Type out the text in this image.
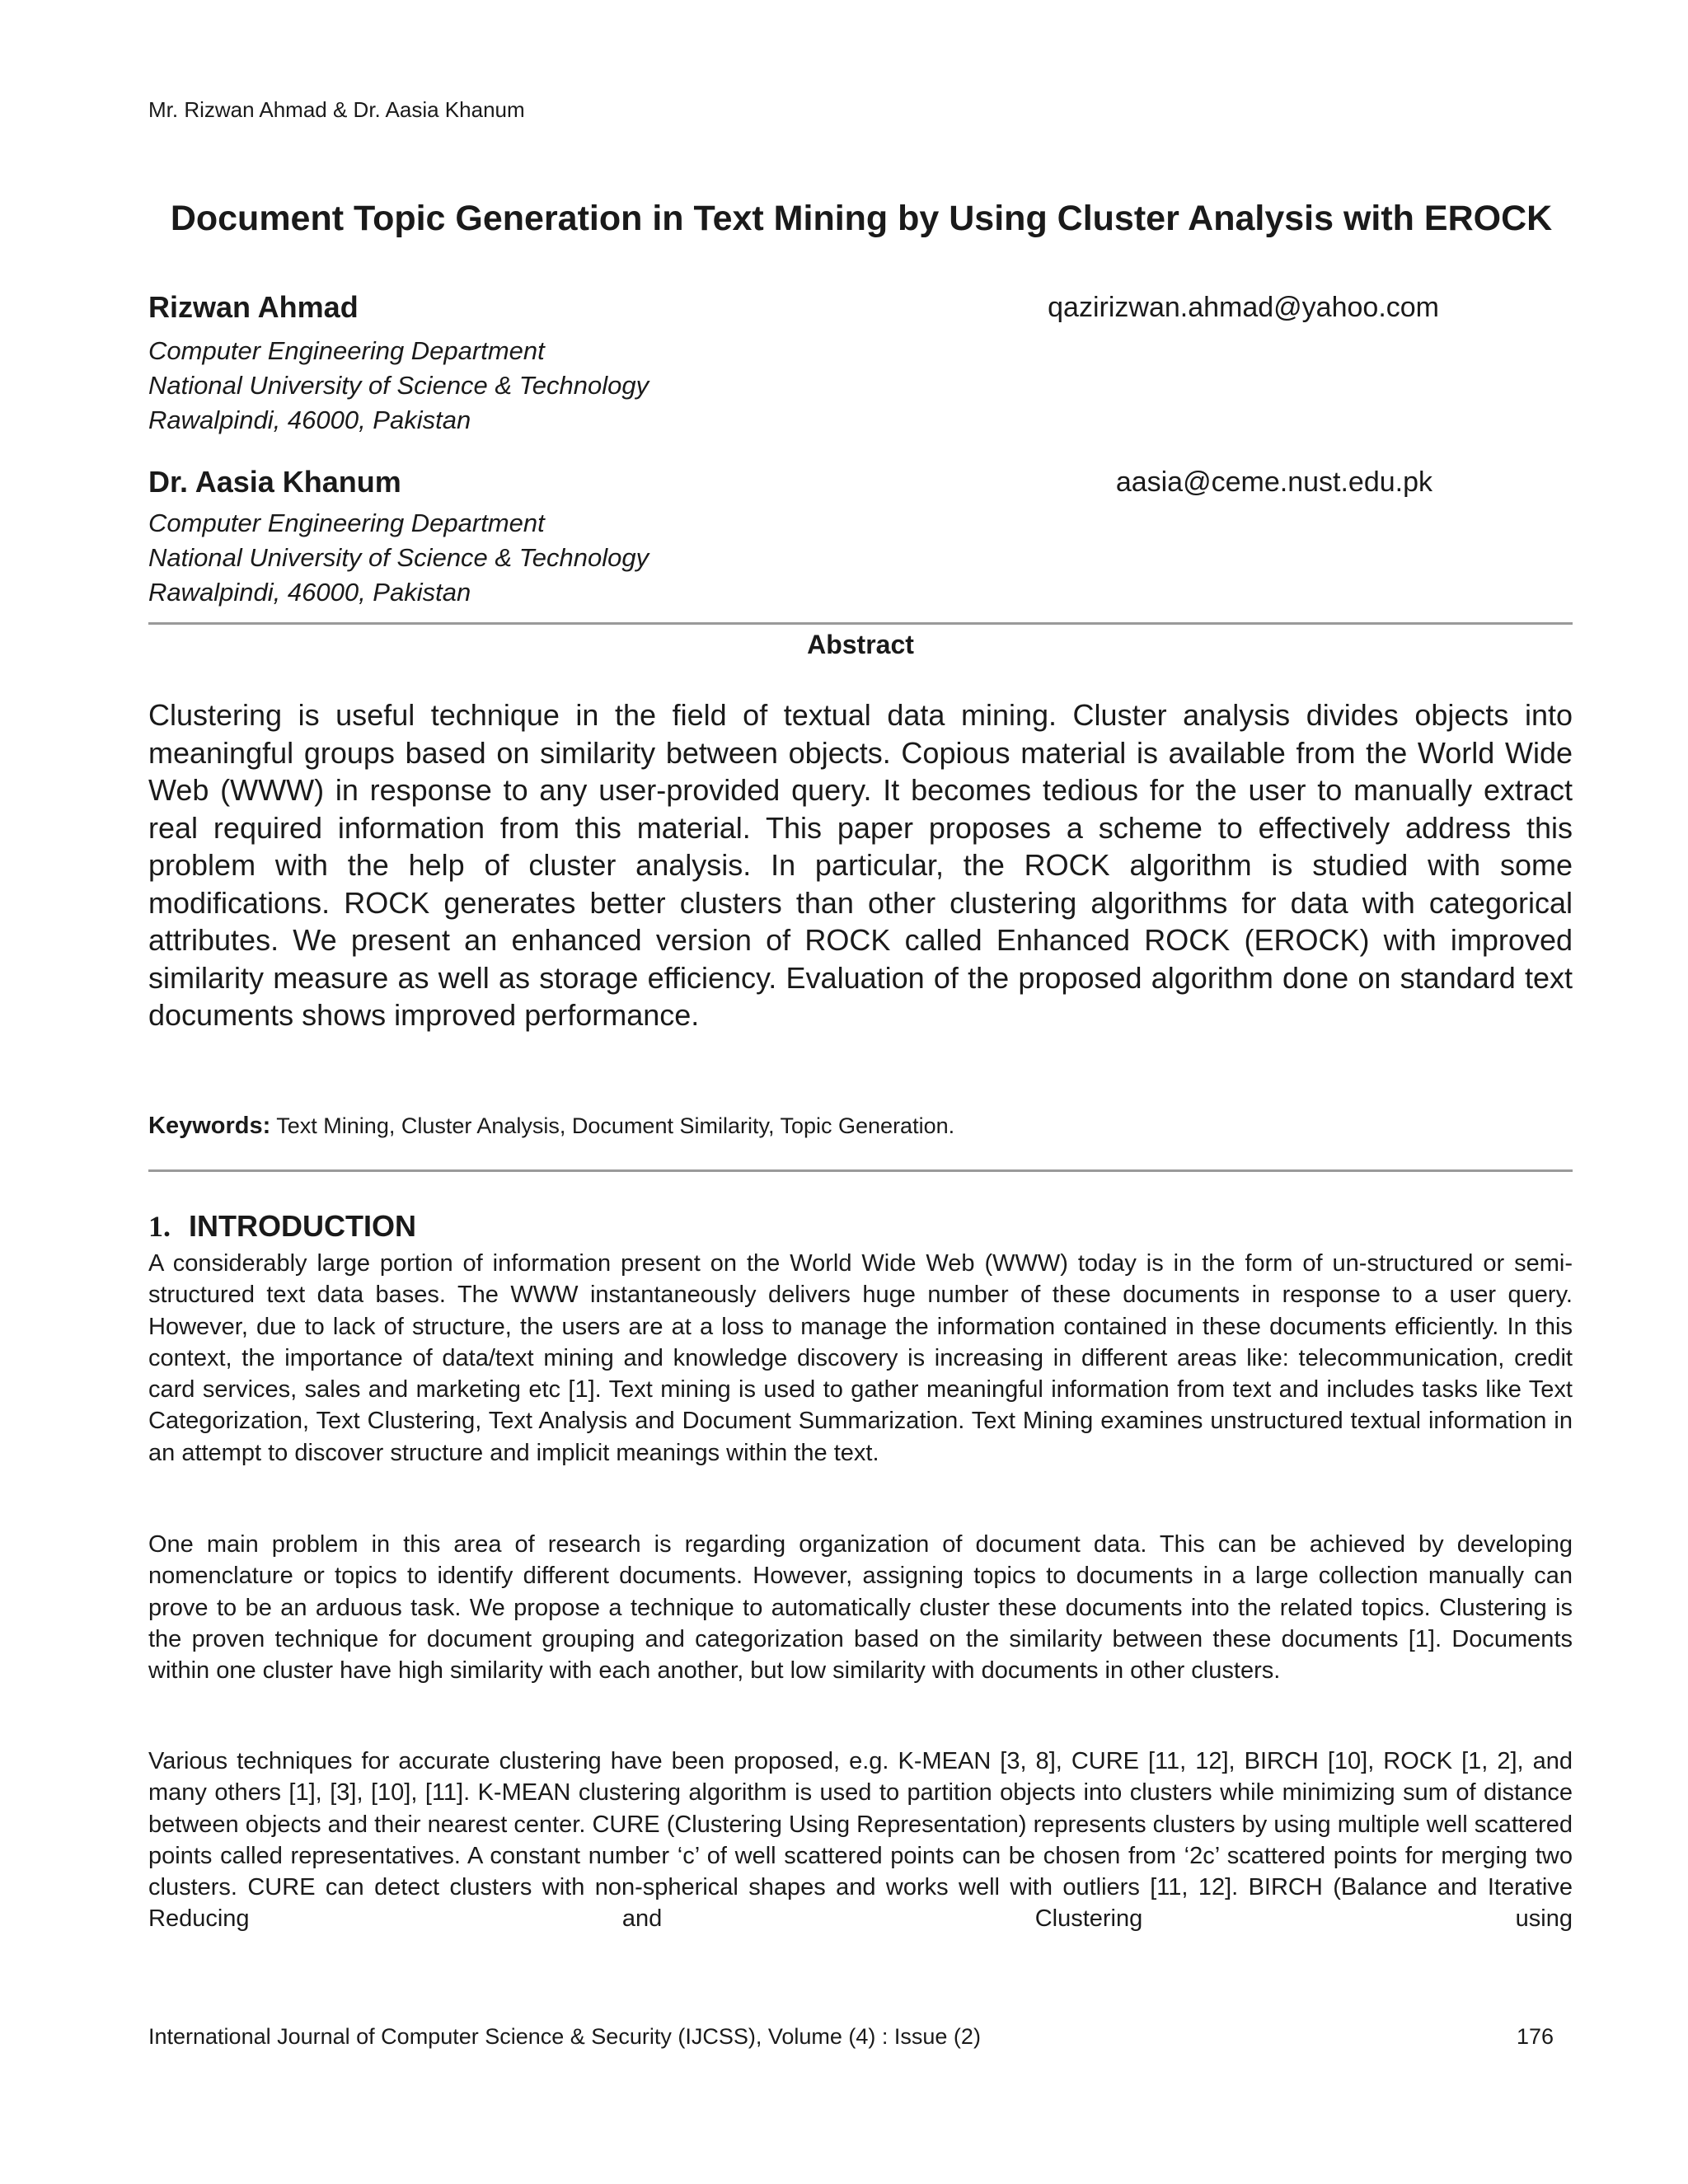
Mr. Rizwan Ahmad & Dr. Aasia Khanum
Document Topic Generation in Text Mining by Using Cluster Analysis with EROCK
Rizwan Ahmad	qazirizwan.ahmad@yahoo.com
Computer Engineering Department
National University of Science & Technology
Rawalpindi, 46000, Pakistan
Dr. Aasia Khanum	aasia@ceme.nust.edu.pk
Computer Engineering Department
National University of Science & Technology
Rawalpindi, 46000, Pakistan
Abstract
Clustering is useful technique in the field of textual data mining. Cluster analysis divides objects into meaningful groups based on similarity between objects. Copious material is available from the World Wide Web (WWW) in response to any user-provided query. It becomes tedious for the user to manually extract real required information from this material. This paper proposes a scheme to effectively address this problem with the help of cluster analysis. In particular, the ROCK algorithm is studied with some modifications. ROCK generates better clusters than other clustering algorithms for data with categorical attributes. We present an enhanced version of ROCK called Enhanced ROCK (EROCK) with improved similarity measure as well as storage efficiency. Evaluation of the proposed algorithm done on standard text documents shows improved performance.
Keywords: Text Mining, Cluster Analysis, Document Similarity, Topic Generation.
1. INTRODUCTION
A considerably large portion of information present on the World Wide Web (WWW) today is in the form of un-structured or semi-structured text data bases. The WWW instantaneously delivers huge number of these documents in response to a user query. However, due to lack of structure, the users are at a loss to manage the information contained in these documents efficiently. In this context, the importance of data/text mining and knowledge discovery is increasing in different areas like: telecommunication, credit card services, sales and marketing etc [1]. Text mining is used to gather meaningful information from text and includes tasks like Text Categorization, Text Clustering, Text Analysis and Document Summarization. Text Mining examines unstructured textual information in an attempt to discover structure and implicit meanings within the text.
One main problem in this area of research is regarding organization of document data. This can be achieved by developing nomenclature or topics to identify different documents. However, assigning topics to documents in a large collection manually can prove to be an arduous task. We propose a technique to automatically cluster these documents into the related topics. Clustering is the proven technique for document grouping and categorization based on the similarity between these documents [1]. Documents within one cluster have high similarity with each another, but low similarity with documents in other clusters.
Various techniques for accurate clustering have been proposed, e.g. K-MEAN [3, 8], CURE [11, 12], BIRCH [10], ROCK [1, 2], and many others [1], [3], [10], [11]. K-MEAN clustering algorithm is used to partition objects into clusters while minimizing sum of distance between objects and their nearest center. CURE (Clustering Using Representation) represents clusters by using multiple well scattered points called representatives. A constant number ‘c’ of well scattered points can be chosen from ‘2c’ scattered points for merging two clusters. CURE can detect clusters with non-spherical shapes and works well with outliers [11, 12]. BIRCH (Balance and Iterative Reducing and Clustering using
International Journal of Computer Science & Security (IJCSS), Volume (4) : Issue (2)	176
